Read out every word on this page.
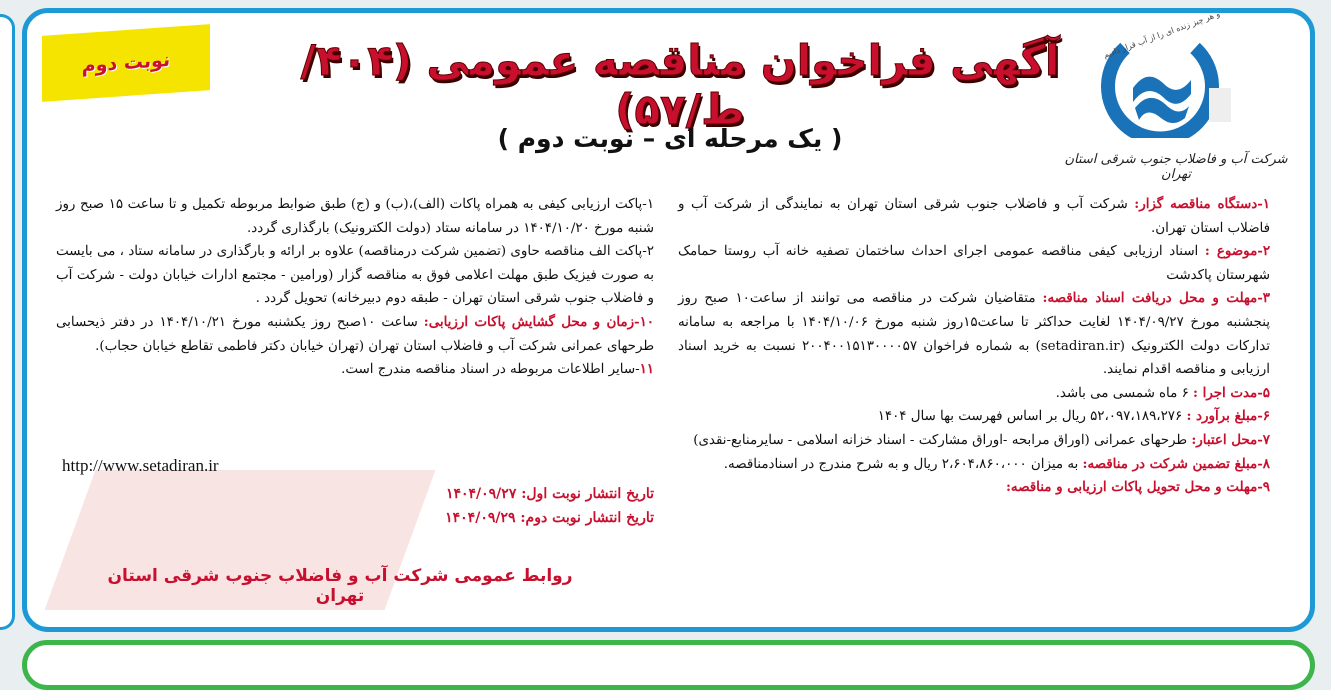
و هر چیز زنده ای را از آب قرار دادیم
شرکت آب و فاضلاب جنوب شرقی استان تهران
نوبت دوم	آگهی فراخوان مناقصه عمومی (۴۰۴/ط/۵۷)
( یک مرحله ای – نوبت دوم )

۱-دستگاه مناقصه گزار: شرکت آب و فاضلاب جنوب شرقی استان تهران به نمایندگی از شرکت آب و فاضلاب استان تهران.

۲-موضوع : اسناد ارزیابی کیفی مناقصه عمومی اجرای احداث ساختمان تصفیه خانه آب روستا حمامک شهرستان پاکدشت

۳-مهلت و محل دریافت اسناد مناقصه: متقاضیان شرکت در مناقصه می توانند از ساعت۱۰ صبح روز پنجشنبه مورخ ۱۴۰۴/۰۹/۲۷ لغایت حداکثر تا ساعت۱۵روز شنبه مورخ ۱۴۰۴/۱۰/۰۶ با مراجعه به سامانه تدارکات دولت الکترونیک (setadiran.ir) به شماره فراخوان ۲۰۰۴۰۰۱۵۱۳۰۰۰۰۵۷ نسبت به خرید اسناد ارزیابی و مناقصه اقدام نمایند.

۵-مدت اجرا : ۶ ماه شمسی می باشد.

۶-مبلغ برآورد : ۵۲،۰۹۷،۱۸۹،۲۷۶ ریال بر اساس فهرست بها سال ۱۴۰۴

۷-محل اعتبار: طرحهای عمرانی (اوراق مرابحه -اوراق مشارکت - اسناد خزانه اسلامی - سایرمنابع-نقدی)

۸-مبلغ تضمین شرکت در مناقصه: به میزان ۲،۶۰۴،۸۶۰،۰۰۰ ریال و به شرح مندرج در اسنادمناقصه.

۹-مهلت و محل تحویل پاکات ارزیابی و مناقصه:

۱-پاکت ارزیابی کیفی به همراه پاکات (الف)،(ب) و (ج) طبق ضوابط مربوطه تکمیل و تا ساعت ۱۵ صبح روز شنبه مورخ ۱۴۰۴/۱۰/۲۰ در سامانه ستاد (دولت الکترونیک) بارگذاری گردد.

۲-پاکت الف مناقصه حاوی (تضمین شرکت درمناقصه) علاوه بر ارائه و بارگذاری در سامانه ستاد ، می بایست به صورت فیزیک طبق مهلت اعلامی فوق به مناقصه گزار (ورامین - مجتمع ادارات خیابان دولت - شرکت آب و فاضلاب جنوب شرقی استان تهران - طبقه دوم دبیرخانه) تحویل گردد .

۱۰-زمان و محل گشایش پاکات ارزیابی: ساعت ۱۰صبح روز یکشنبه مورخ ۱۴۰۴/۱۰/۲۱ در دفتر ذیحسابی طرحهای عمرانی شرکت آب و فاضلاب استان تهران (تهران خیابان دکتر فاطمی تقاطع خیابان حجاب).

۱۱-سایر اطلاعات مربوطه در اسناد مناقصه مندرج است.

http://www.setadiran.ir
تاریخ انتشار نوبت اول: ۱۴۰۴/۰۹/۲۷
تاریخ انتشار نوبت دوم: ۱۴۰۴/۰۹/۲۹
روابط عمومی شرکت آب و فاضلاب جنوب شرقی استان تهران
